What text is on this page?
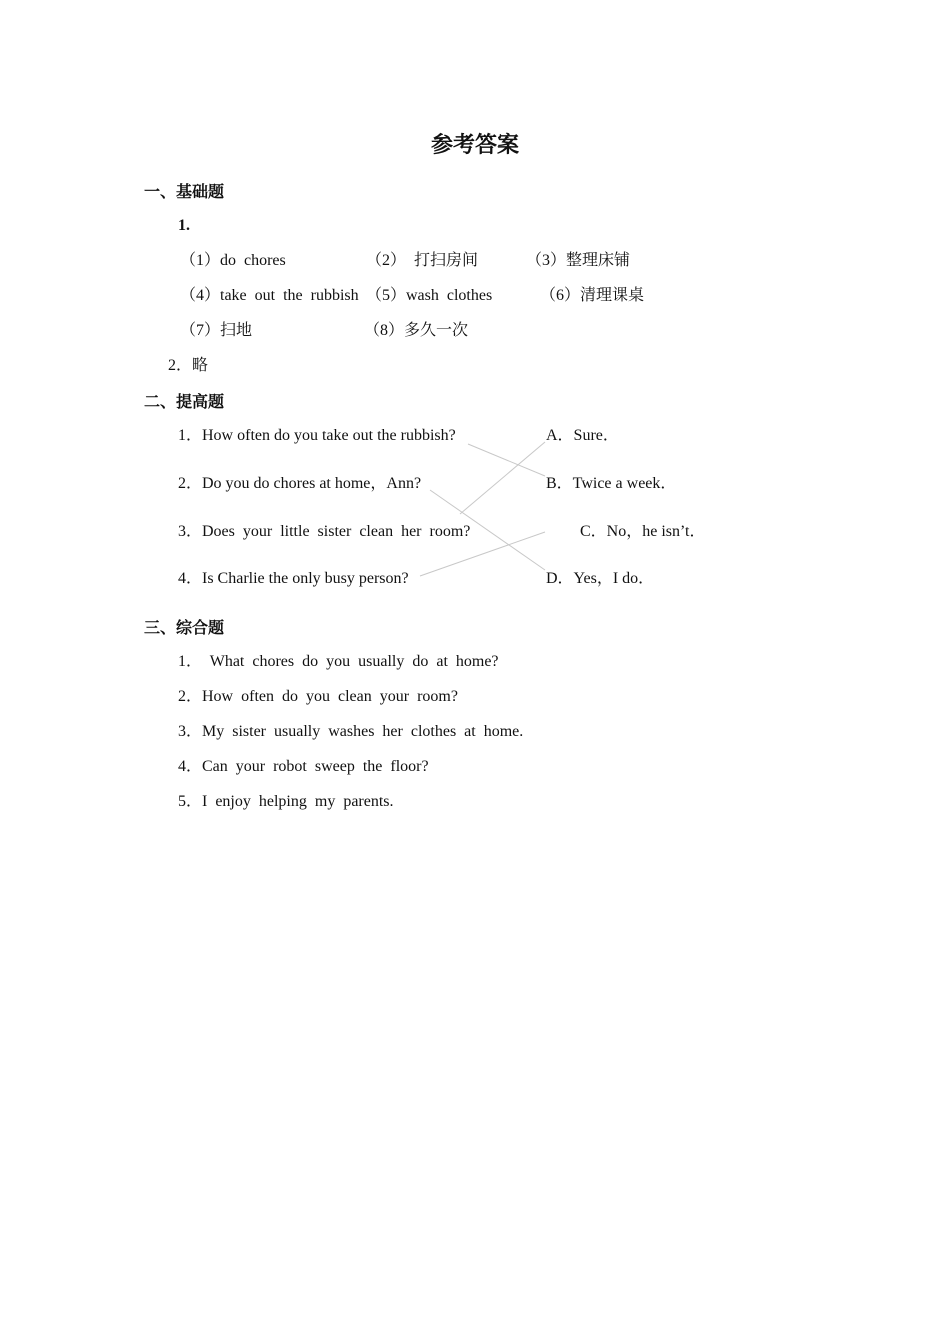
参考答案
一、基础题
1.
（1）do chores	（2） 打扫房间	（3）整理床铺
（4）take out the rubbish （5）wash clothes	（6）清理课桌
（7）扫地	（8）多久一次
2．略
二、提高题
1．How often do you take out the rubbish?
2．Do you do chores at home，Ann?
3．Does your little sister clean her room?
4．Is Charlie the only busy person?
A．Sure．
B．Twice a week．
C．No，he isn’t．
D．Yes，I do．
三、综合题
1． What chores do you usually do at home?
2．How often do you clean your room?
3．My sister usually washes her clothes at home.
4．Can your robot sweep the floor?
5．I enjoy helping my parents.
